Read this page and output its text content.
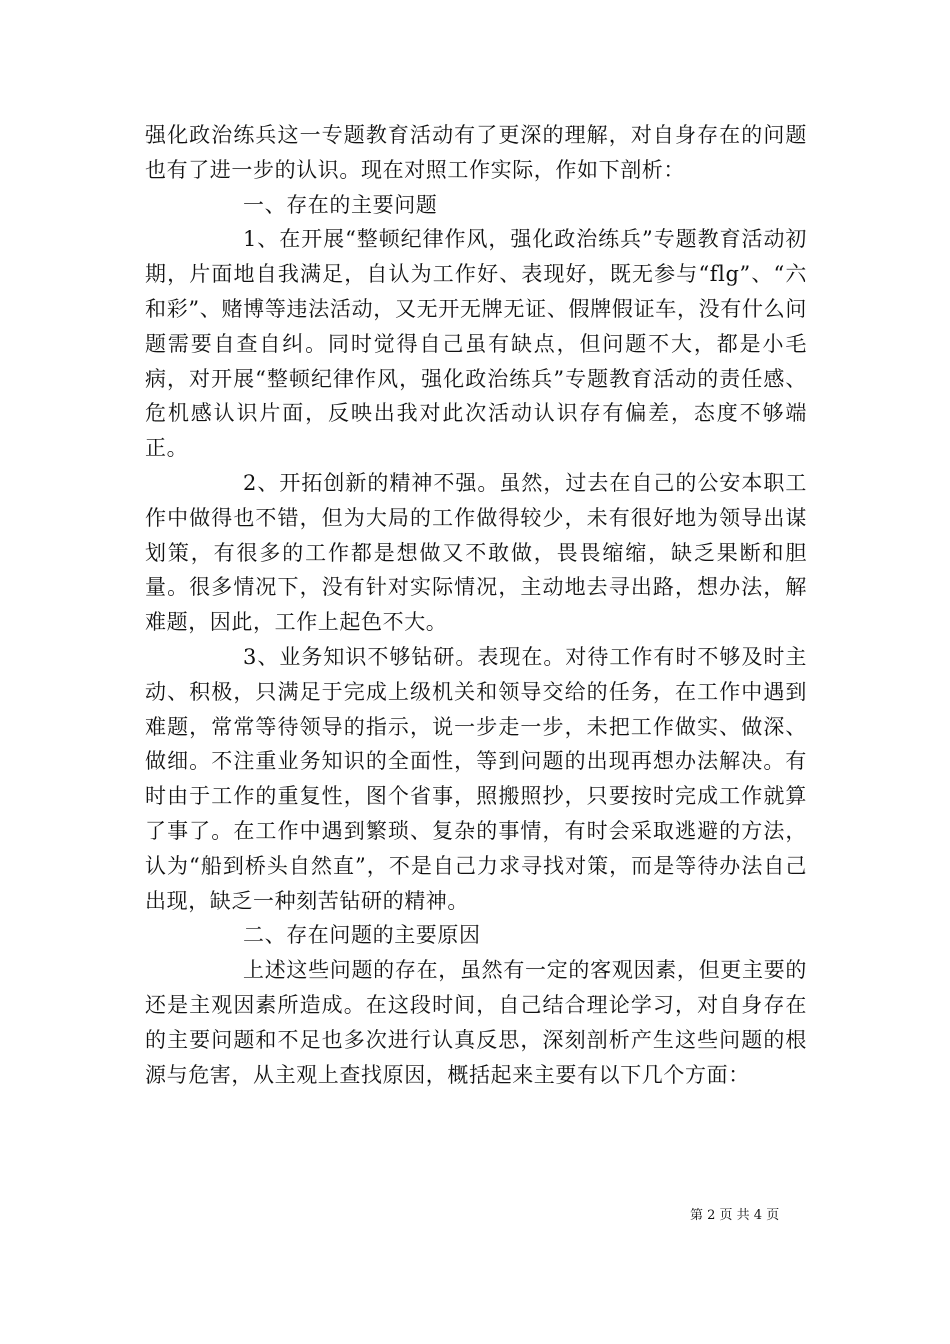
强化政治练兵这一专题教育活动有了更深的理解，对自身存在的问题也有了进一步的认识。现在对照工作实际，作如下剖析：

一、存在的主要问题

1、在开展“整顿纪律作风，强化政治练兵”专题教育活动初期，片面地自我满足，自认为工作好、表现好，既无参与“flg”、“六和彩”、赌博等违法活动，又无开无牌无证、假牌假证车，没有什么问题需要自查自纠。同时觉得自己虽有缺点，但问题不大，都是小毛病，对开展“整顿纪律作风，强化政治练兵”专题教育活动的责任感、危机感认识片面，反映出我对此次活动认识存有偏差，态度不够端正。

2、开拓创新的精神不强。虽然，过去在自己的公安本职工作中做得也不错，但为大局的工作做得较少，未有很好地为领导出谋划策，有很多的工作都是想做又不敢做，畏畏缩缩，缺乏果断和胆量。很多情况下，没有针对实际情况，主动地去寻出路，想办法，解难题，因此，工作上起色不大。

3、业务知识不够钻研。表现在。对待工作有时不够及时主动、积极，只满足于完成上级机关和领导交给的任务，在工作中遇到难题，常常等待领导的指示，说一步走一步，未把工作做实、做深、做细。不注重业务知识的全面性，等到问题的出现再想办法解决。有时由于工作的重复性，图个省事，照搬照抄，只要按时完成工作就算了事了。在工作中遇到繁琐、复杂的事情，有时会采取逃避的方法，认为“船到桥头自然直”，不是自己力求寻找对策，而是等待办法自己出现，缺乏一种刻苦钻研的精神。

二、存在问题的主要原因

上述这些问题的存在，虽然有一定的客观因素，但更主要的还是主观因素所造成。在这段时间，自己结合理论学习，对自身存在的主要问题和不足也多次进行认真反思，深刻剖析产生这些问题的根源与危害，从主观上查找原因，概括起来主要有以下几个方面：

第 2 页 共 4 页
